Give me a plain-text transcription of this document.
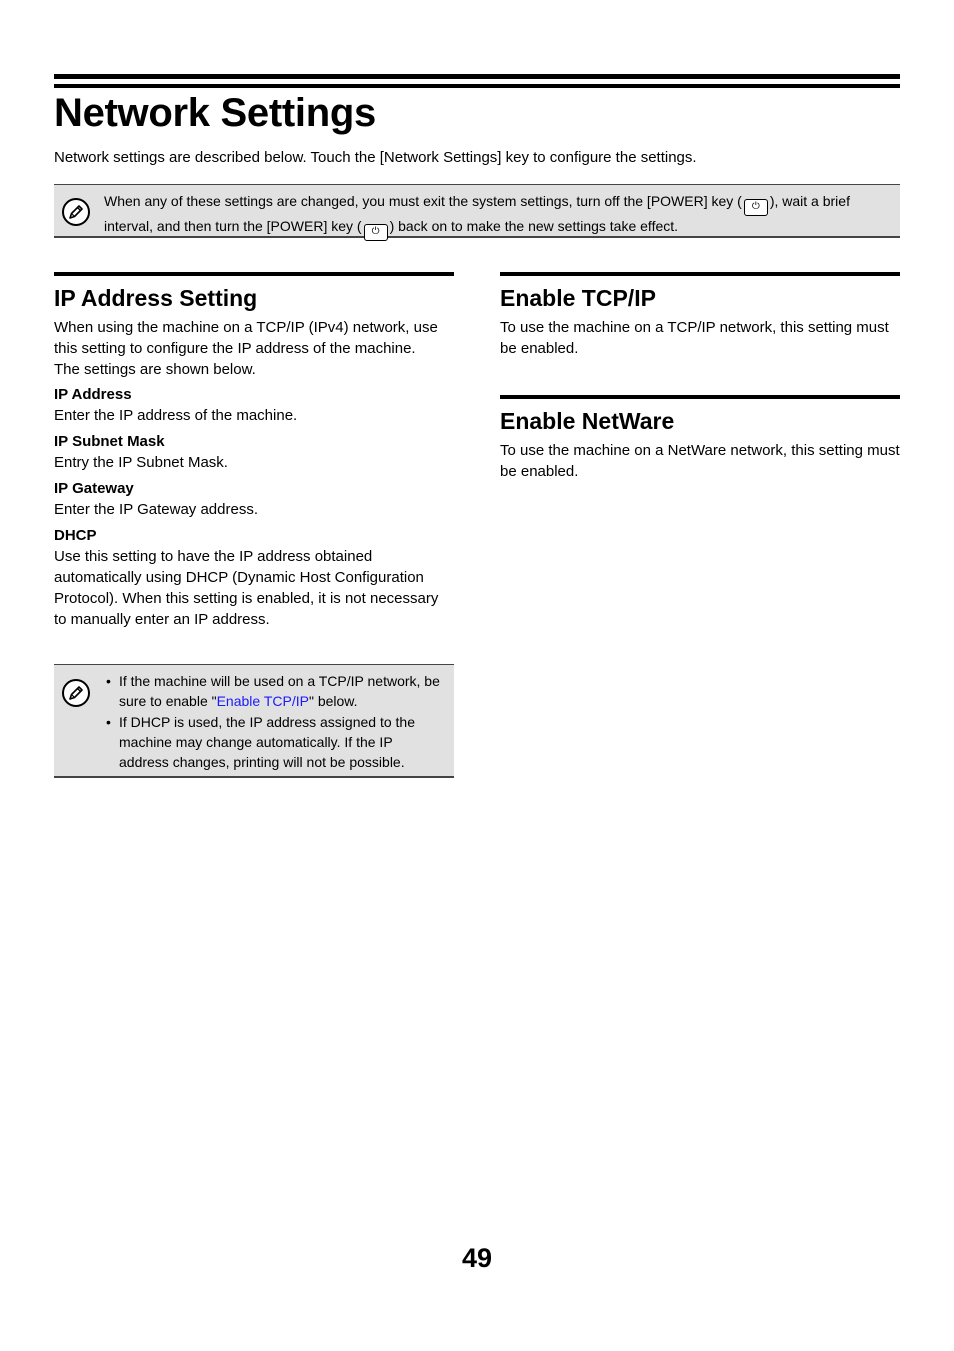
Network Settings

Network settings are described below. Touch the [Network Settings] key to configure the settings.

When any of these settings are changed, you must exit the system settings, turn off the [POWER] key ( ⏻ ), wait a brief interval, and then turn the [POWER] key ( ⏻ ) back on to make the new settings take effect.
IP Address Setting

When using the machine on a TCP/IP (IPv4) network, use this setting to configure the IP address of the machine.

The settings are shown below.

IP Address

Enter the IP address of the machine.

IP Subnet Mask

Entry the IP Subnet Mask.

IP Gateway

Enter the IP Gateway address.

DHCP

Use this setting to have the IP address obtained automatically using DHCP (Dynamic Host Configuration Protocol). When this setting is enabled, it is not necessary to manually enter an IP address.

• If the machine will be used on a TCP/IP network, be sure to enable "Enable TCP/IP" below.
• If DHCP is used, the IP address assigned to the machine may change automatically. If the IP address changes, printing will not be possible.
Enable TCP/IP

To use the machine on a TCP/IP network, this setting must be enabled.

Enable NetWare

To use the machine on a NetWare network, this setting must be enabled.

49
